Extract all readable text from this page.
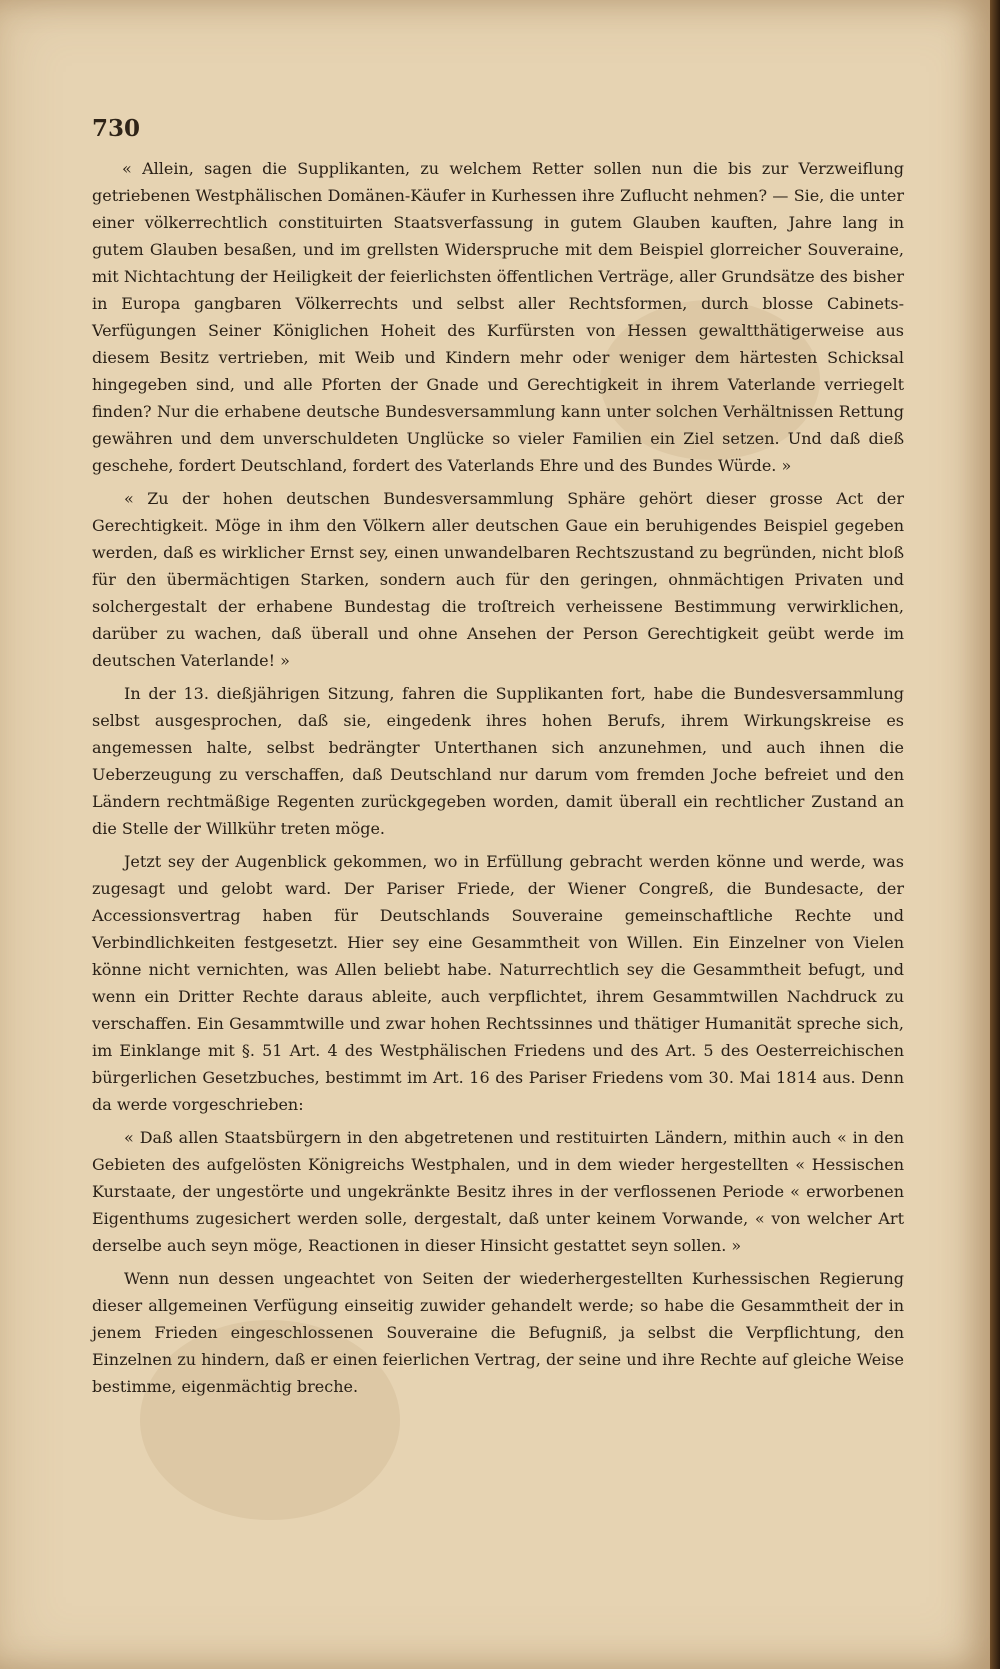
730

« Allein, sagen die Supplikanten, zu welchem Retter sollen nun die bis zur Verzweiflung getriebenen Westphälischen Domänen-Käufer in Kurhessen ihre Zuflucht nehmen? — Sie, die unter einer völkerrechtlich constituirten Staatsverfassung in gutem Glauben kauften, Jahre lang in gutem Glauben besaßen, und im grellsten Widerspruche mit dem Beispiel glorreicher Souveraine, mit Nichtachtung der Heiligkeit der feierlichsten öffentlichen Verträge, aller Grundsätze des bisher in Europa gangbaren Völkerrechts und selbst aller Rechtsformen, durch blosse Cabinets-Verfügungen Seiner Königlichen Hoheit des Kurfürsten von Hessen gewaltthätigerweise aus diesem Besitz vertrieben, mit Weib und Kindern mehr oder weniger dem härtesten Schicksal hingegeben sind, und alle Pforten der Gnade und Gerechtigkeit in ihrem Vaterlande verriegelt finden? Nur die erhabene deutsche Bundesversammlung kann unter solchen Verhältnissen Rettung gewähren und dem unverschuldeten Unglücke so vieler Familien ein Ziel setzen. Und daß dieß geschehe, fordert Deutschland, fordert des Vaterlands Ehre und des Bundes Würde. »

« Zu der hohen deutschen Bundesversammlung Sphäre gehört dieser grosse Act der Gerechtigkeit. Möge in ihm den Völkern aller deutschen Gaue ein beruhigendes Beispiel gegeben werden, daß es wirklicher Ernst sey, einen unwandelbaren Rechtszustand zu begründen, nicht bloß für den übermächtigen Starken, sondern auch für den geringen, ohnmächtigen Privaten und solchergestalt der erhabene Bundestag die troſtreich verheissene Bestimmung verwirklichen, darüber zu wachen, daß überall und ohne Ansehen der Person Gerechtigkeit geübt werde im deutschen Vaterlande! »

In der 13. dießjährigen Sitzung, fahren die Supplikanten fort, habe die Bundesversammlung selbst ausgesprochen, daß sie, eingedenk ihres hohen Berufs, ihrem Wirkungskreise es angemessen halte, selbst bedrängter Unterthanen sich anzunehmen, und auch ihnen die Ueberzeugung zu verschaffen, daß Deutschland nur darum vom fremden Joche befreiet und den Ländern rechtmäßige Regenten zurückgegeben worden, damit überall ein rechtlicher Zustand an die Stelle der Willkühr treten möge.

Jetzt sey der Augenblick gekommen, wo in Erfüllung gebracht werden könne und werde, was zugesagt und gelobt ward. Der Pariser Friede, der Wiener Congreß, die Bundesacte, der Accessionsvertrag haben für Deutschlands Souveraine gemeinschaftliche Rechte und Verbindlichkeiten festgesetzt. Hier sey eine Gesammtheit von Willen. Ein Einzelner von Vielen könne nicht vernichten, was Allen beliebt habe. Naturrechtlich sey die Gesammtheit befugt, und wenn ein Dritter Rechte daraus ableite, auch verpflichtet, ihrem Gesammtwillen Nachdruck zu verschaffen. Ein Gesammtwille und zwar hohen Rechtssinnes und thätiger Humanität spreche sich, im Einklange mit §. 51 Art. 4 des Westphälischen Friedens und des Art. 5 des Oesterreichischen bürgerlichen Gesetzbuches, bestimmt im Art. 16 des Pariser Friedens vom 30. Mai 1814 aus. Denn da werde vorgeschrieben:

« Daß allen Staatsbürgern in den abgetretenen und restituirten Ländern, mithin auch « in den Gebieten des aufgelösten Königreichs Westphalen, und in dem wieder hergestellten « Hessischen Kurstaate, der ungestörte und ungekränkte Besitz ihres in der verflossenen Periode « erworbenen Eigenthums zugesichert werden solle, dergestalt, daß unter keinem Vorwande, « von welcher Art derselbe auch seyn möge, Reactionen in dieser Hinsicht gestattet seyn sollen. »

Wenn nun dessen ungeachtet von Seiten der wiederhergestellten Kurhessischen Regierung dieser allgemeinen Verfügung einseitig zuwider gehandelt werde; so habe die Gesammtheit der in jenem Frieden eingeschlossenen Souveraine die Befugniß, ja selbst die Verpflichtung, den Einzelnen zu hindern, daß er einen feierlichen Vertrag, der seine und ihre Rechte auf gleiche Weise bestimme, eigenmächtig breche.
